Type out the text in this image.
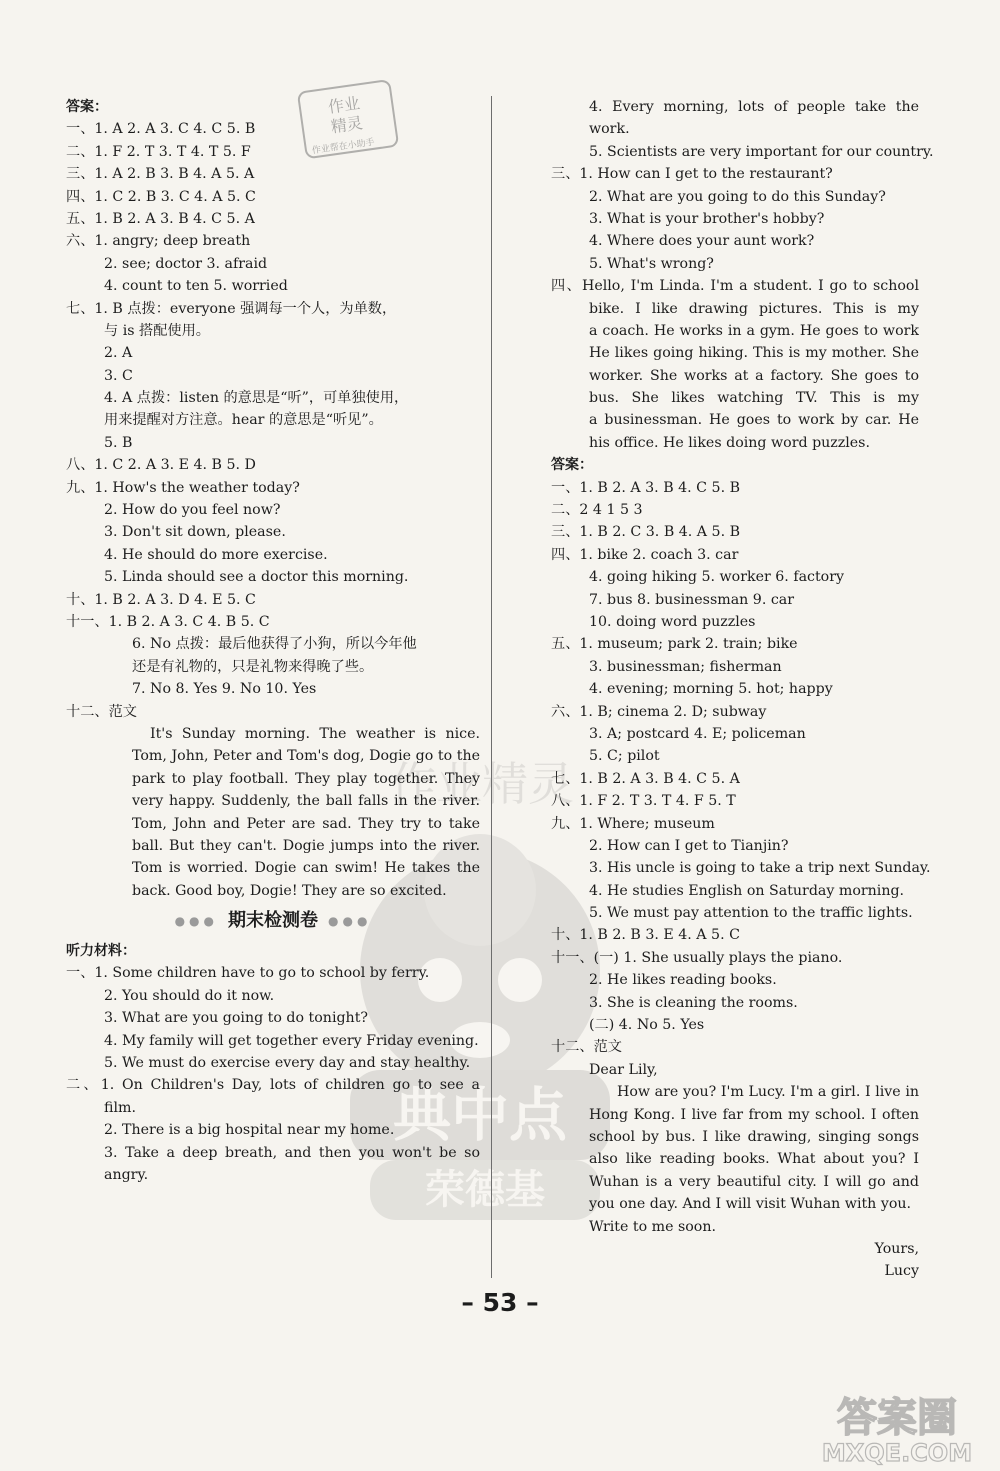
作业
精灵
作业帮在小助手
典中点
荣德基
作业精灵
答案：
一、1. A 2. A 3. C 4. C 5. B
二、1. F 2. T 3. T 4. T 5. F
三、1. A 2. B 3. B 4. A 5. A
四、1. C 2. B 3. C 4. A 5. C
五、1. B 2. A 3. B 4. C 5. A
六、1. angry; deep breath
2. see; doctor 3. afraid
4. count to ten 5. worried
七、1. B 点拨：everyone 强调每一个人，为单数，
与 is 搭配使用。
2. A
3. C
4. A 点拨：listen 的意思是“听”，可单独使用，
用来提醒对方注意。hear 的意思是“听见”。
5. B
八、1. C 2. A 3. E 4. B 5. D
九、1. How's the weather today?
2. How do you feel now?
3. Don't sit down, please.
4. He should do more exercise.
5. Linda should see a doctor this morning.
十、1. B 2. A 3. D 4. E 5. C
十一、1. B 2. A 3. C 4. B 5. C
6. No 点拨：最后他获得了小狗，所以今年他
还是有礼物的，只是礼物来得晚了些。
7. No 8. Yes 9. No 10. Yes
十二、范文
It's Sunday morning. The weather is nice.
Tom, John, Peter and Tom's dog, Dogie go to the
park to play football. They play together. They
very happy. Suddenly, the ball falls in the river.
Tom, John and Peter are sad. They try to take
ball. But they can't. Dogie jumps into the river.
Tom is worried. Dogie can swim! He takes the
back. Good boy, Dogie! They are so excited.
●●● 期末检测卷 ●●●
听力材料：
一、1. Some children have to go to school by ferry.
2. You should do it now.
3. What are you going to do tonight?
4. My family will get together every Friday evening.
5. We must do exercise every day and stay healthy.
二、1. On Children's Day, lots of children go to see a
film.
2. There is a big hospital near my home.
3. Take a deep breath, and then you won't be so
angry.
4. Every morning, lots of people take the
work.
5. Scientists are very important for our country.
三、1. How can I get to the restaurant?
2. What are you going to do this Sunday?
3. What is your brother's hobby?
4. Where does your aunt work?
5. What's wrong?
四、Hello, I'm Linda. I'm a student. I go to school
bike. I like drawing pictures. This is my
a coach. He works in a gym. He goes to work
He likes going hiking. This is my mother. She
worker. She works at a factory. She goes to
bus. She likes watching TV. This is my
a businessman. He goes to work by car. He
his office. He likes doing word puzzles.
答案：
一、1. B 2. A 3. B 4. C 5. B
二、2 4 1 5 3
三、1. B 2. C 3. B 4. A 5. B
四、1. bike 2. coach 3. car
4. going hiking 5. worker 6. factory
7. bus 8. businessman 9. car
10. doing word puzzles
五、1. museum; park 2. train; bike
3. businessman; fisherman
4. evening; morning 5. hot; happy
六、1. B; cinema 2. D; subway
3. A; postcard 4. E; policeman
5. C; pilot
七、1. B 2. A 3. B 4. C 5. A
八、1. F 2. T 3. T 4. F 5. T
九、1. Where; museum
2. How can I get to Tianjin?
3. His uncle is going to take a trip next Sunday.
4. He studies English on Saturday morning.
5. We must pay attention to the traffic lights.
十、1. B 2. B 3. E 4. A 5. C
十一、(一) 1. She usually plays the piano.
2. He likes reading books.
3. She is cleaning the rooms.
(二) 4. No 5. Yes
十二、范文
Dear Lily,
How are you? I'm Lucy. I'm a girl. I live in
Hong Kong. I live far from my school. I often
school by bus. I like drawing, singing songs
also like reading books. What about you? I
Wuhan is a very beautiful city. I will go and
you one day. And I will visit Wuhan with you.
Write to me soon.
Yours,
Lucy
– 53 –
答案圈
MXQE.COM
